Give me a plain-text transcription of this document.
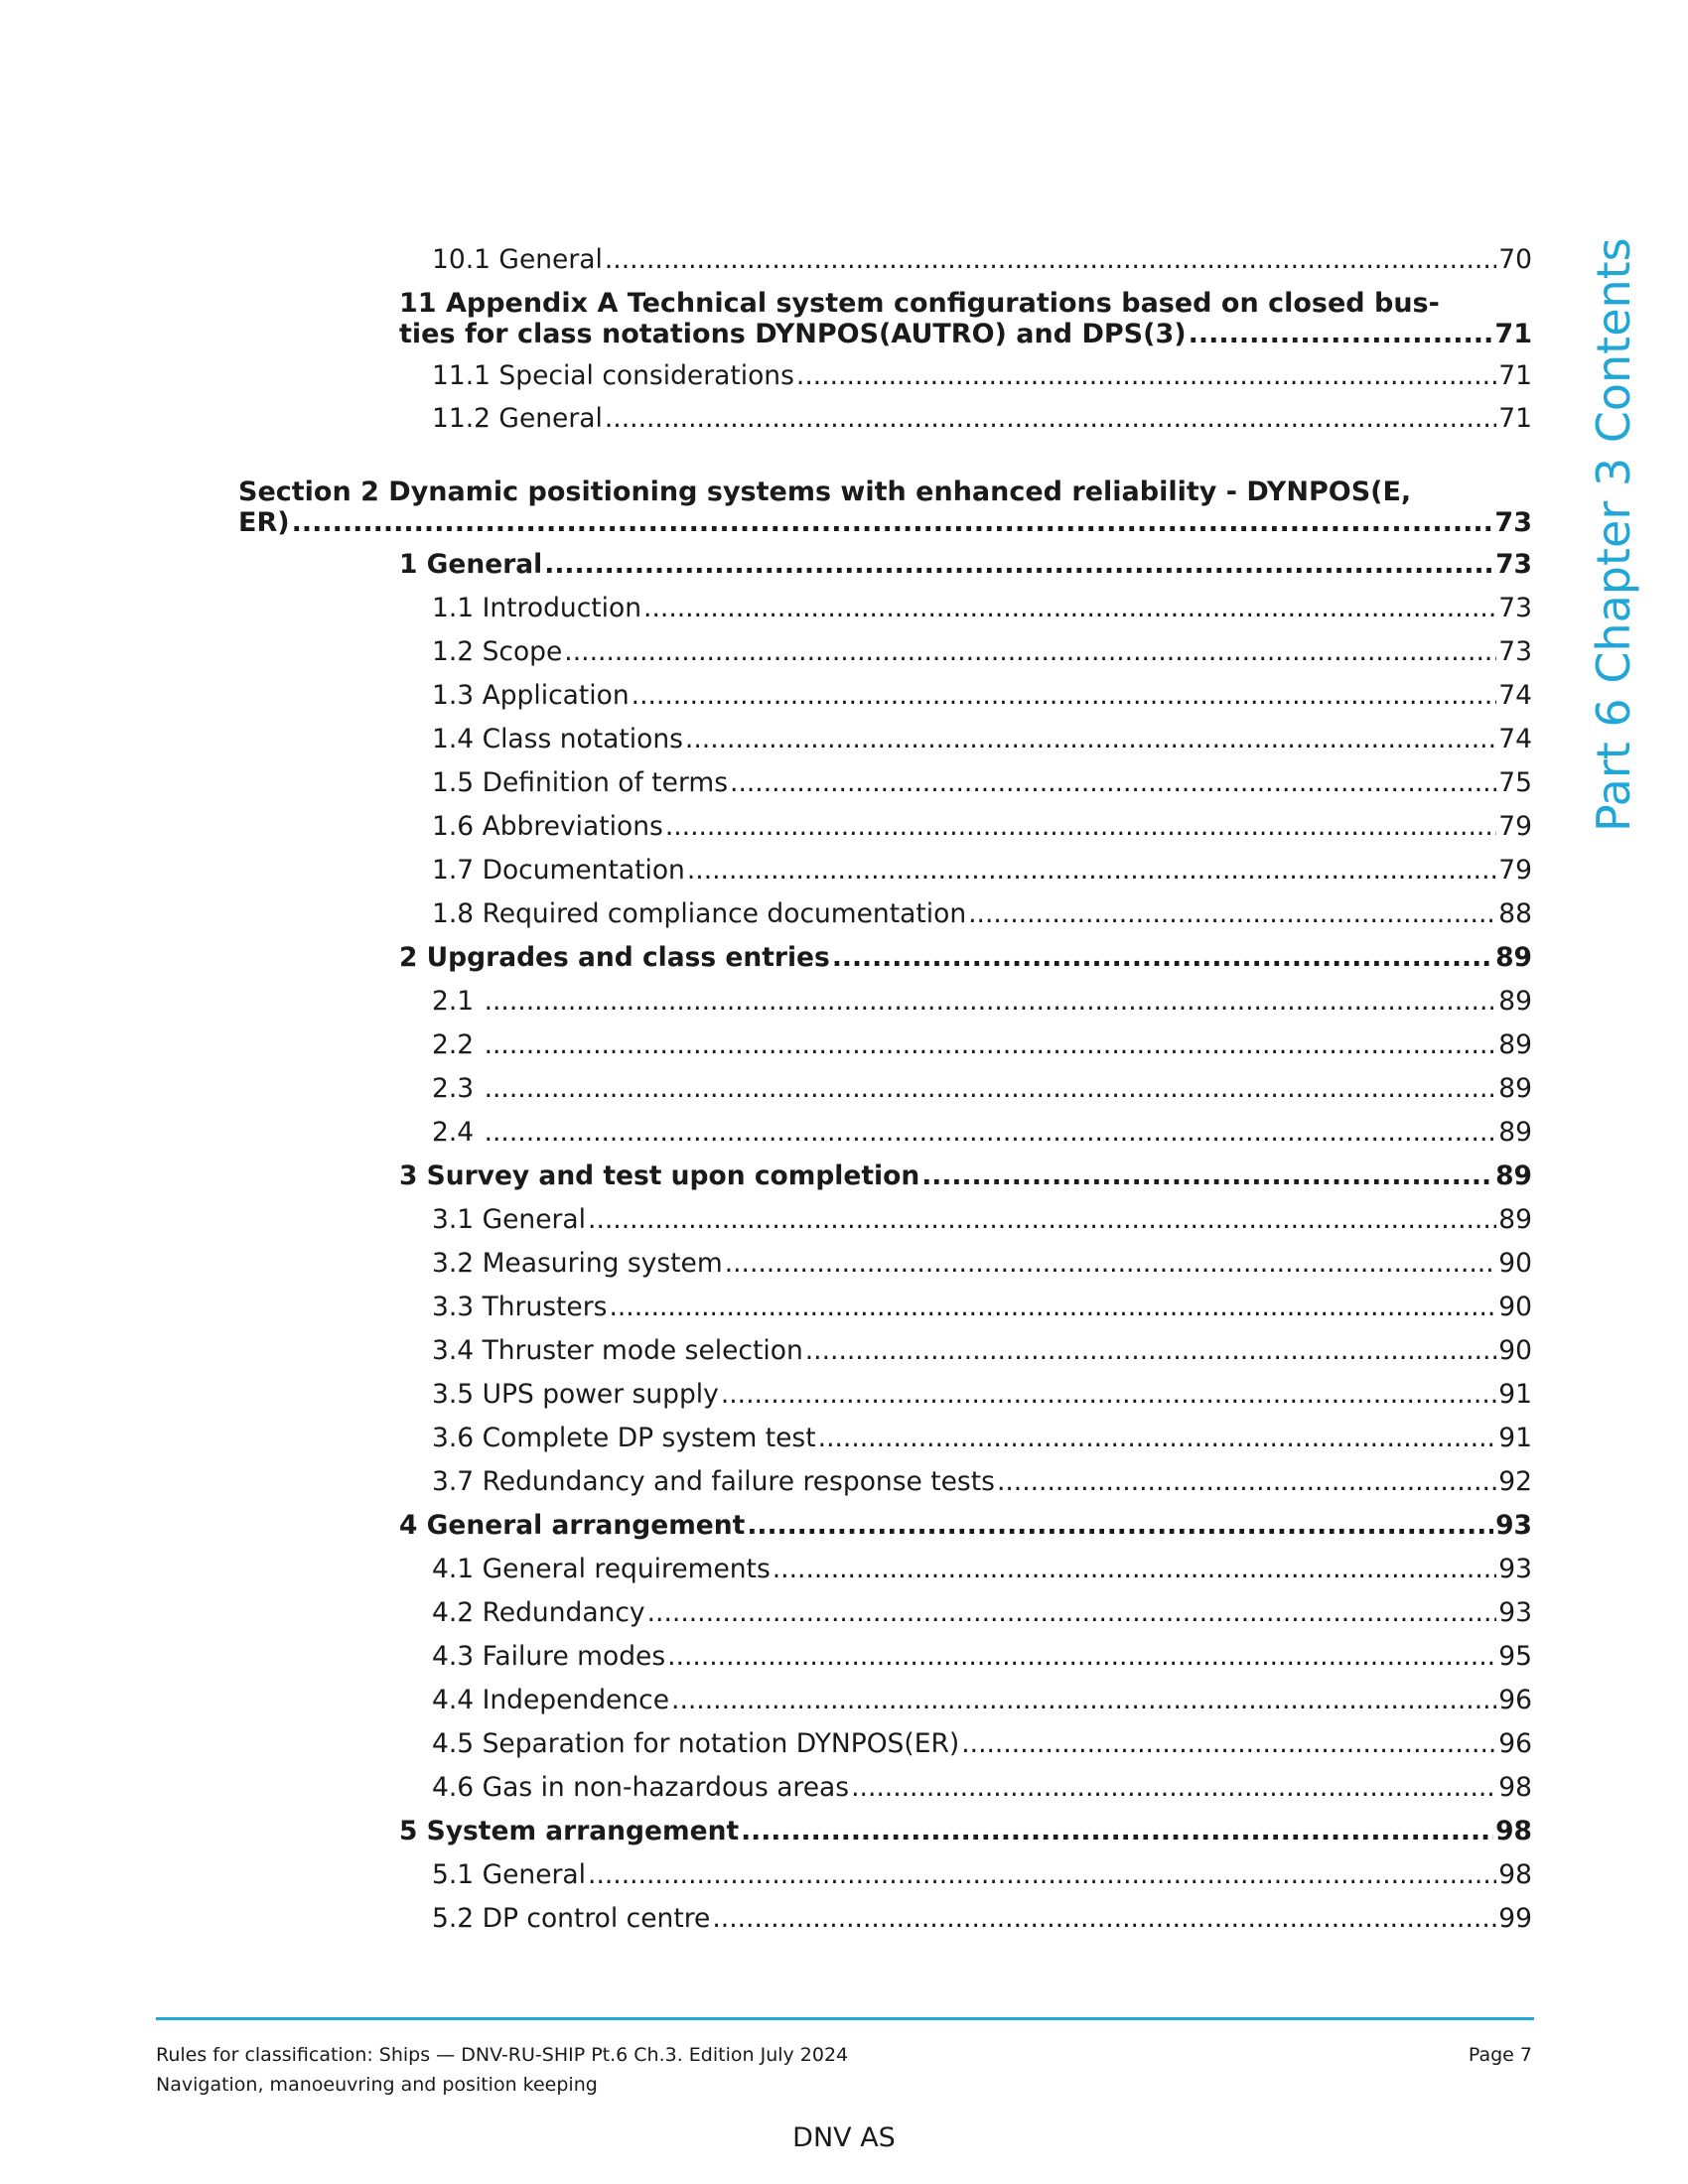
10.1 General .....	70
11 Appendix A Technical system configurations based on closed bus-
ties for class notations DYNPOS(AUTRO) and DPS(3) .....	71
11.1 Special considerations .....	71
11.2 General .....	71
Section 2 Dynamic positioning systems with enhanced reliability - DYNPOS(E,
ER) .....	73
1 General .....	73
1.1 Introduction .....	73
1.2 Scope .....	73
1.3 Application .....	74
1.4 Class notations .....	74
1.5 Definition of terms .....	75
1.6 Abbreviations .....	79
1.7 Documentation .....	79
1.8 Required compliance documentation .....	88
2 Upgrades and class entries .....	89
2.1 .....	89
2.2 .....	89
2.3 .....	89
2.4 .....	89
3 Survey and test upon completion .....	89
3.1 General .....	89
3.2 Measuring system .....	90
3.3 Thrusters .....	90
3.4 Thruster mode selection .....	90
3.5 UPS power supply .....	91
3.6 Complete DP system test .....	91
3.7 Redundancy and failure response tests .....	92
4 General arrangement .....	93
4.1 General requirements .....	93
4.2 Redundancy .....	93
4.3 Failure modes .....	95
4.4 Independence .....	96
4.5 Separation for notation DYNPOS(ER) .....	96
4.6 Gas in non-hazardous areas .....	98
5 System arrangement .....	98
5.1 General .....	98
5.2 DP control centre .....	99
Part 6 Chapter 3 Contents
Rules for classification: Ships — DNV-RU-SHIP Pt.6 Ch.3. Edition July 2024
Navigation, manoeuvring and position keeping
Page 7
DNV AS
